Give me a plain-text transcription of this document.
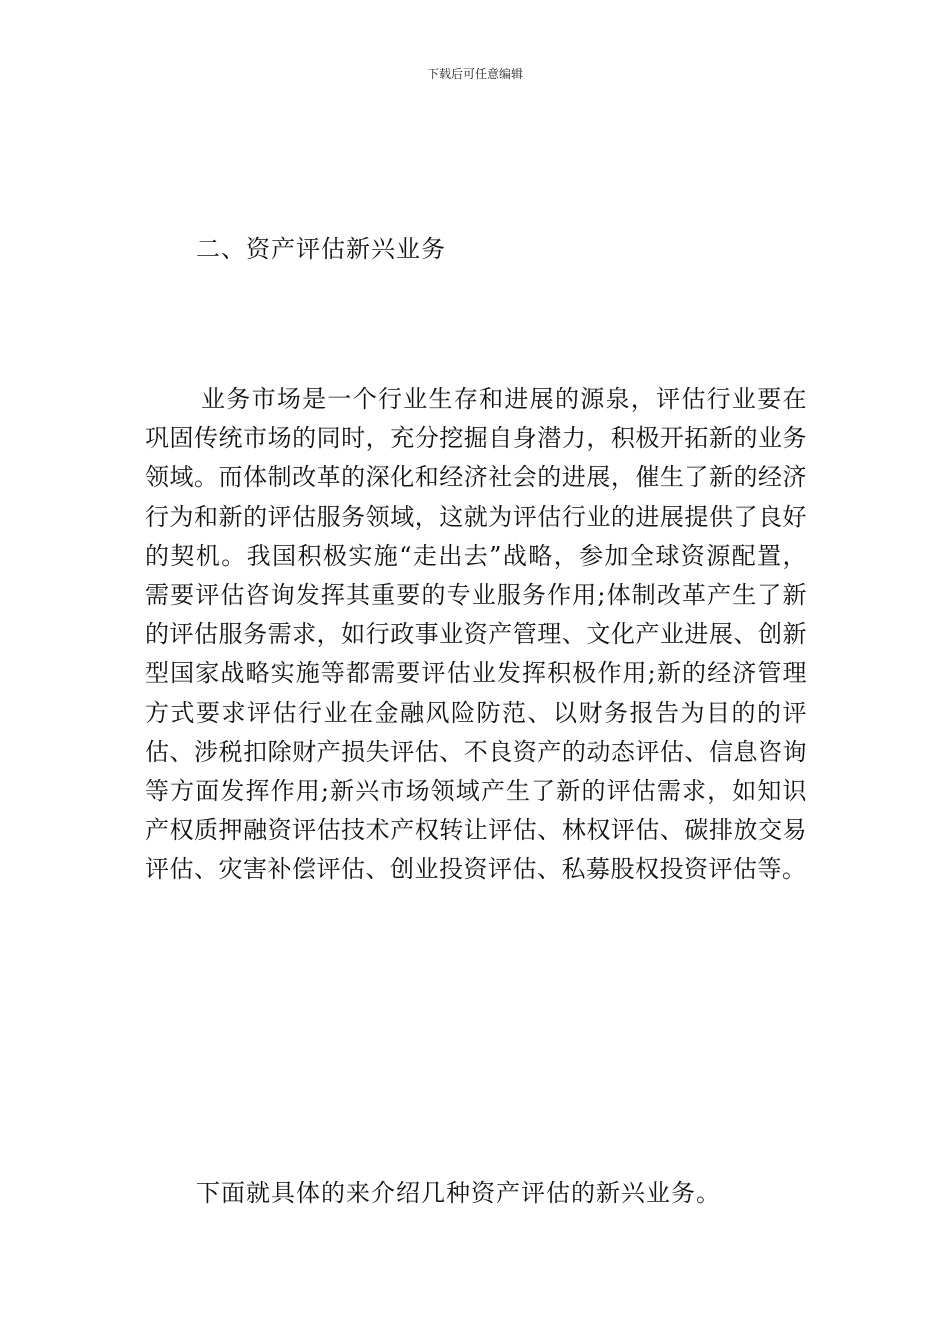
下载后可任意编辑
二、资产评估新兴业务

业务市场是一个行业生存和进展的源泉，评估行业要在巩固传统市场的同时，充分挖掘自身潜力，积极开拓新的业务领域。而体制改革的深化和经济社会的进展，催生了新的经济行为和新的评估服务领域，这就为评估行业的进展提供了良好的契机。我国积极实施“走出去”战略，参加全球资源配置，需要评估咨询发挥其重要的专业服务作用;体制改革产生了新的评估服务需求，如行政事业资产管理、文化产业进展、创新型国家战略实施等都需要评估业发挥积极作用;新的经济管理方式要求评估行业在金融风险防范、以财务报告为目的的评估、涉税扣除财产损失评估、不良资产的动态评估、信息咨询等方面发挥作用;新兴市场领域产生了新的评估需求，如知识产权质押融资评估技术产权转让评估、林权评估、碳排放交易评估、灾害补偿评估、创业投资评估、私募股权投资评估等。

下面就具体的来介绍几种资产评估的新兴业务。
